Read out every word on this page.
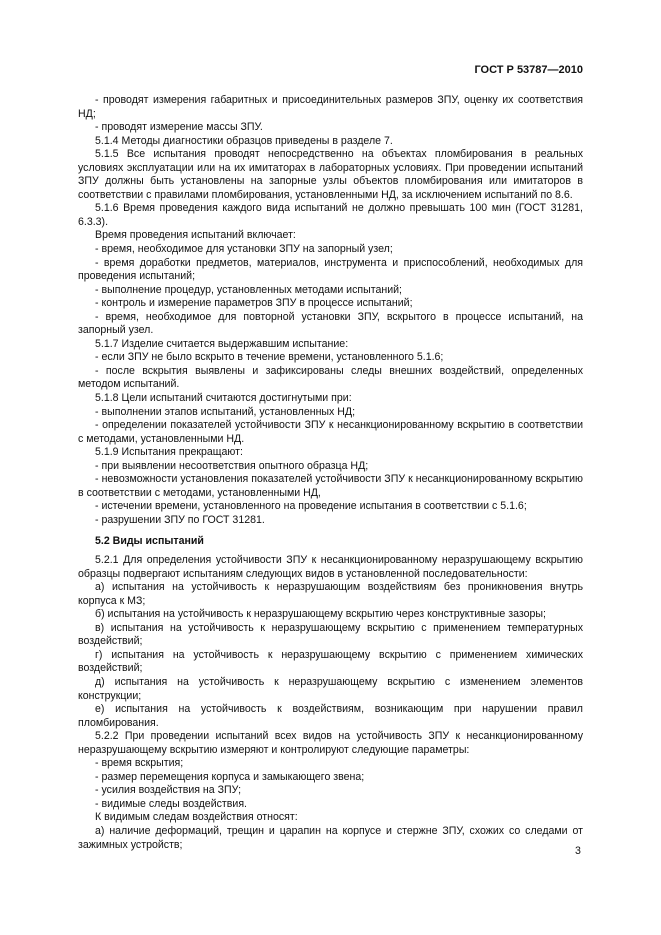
ГОСТ Р 53787—2010

- проводят измерения габаритных и присоединительных размеров ЗПУ, оценку их соответствия НД;

- проводят измерение массы ЗПУ.

5.1.4 Методы диагностики образцов приведены в разделе 7.

5.1.5 Все испытания проводят непосредственно на объектах пломбирования в реальных условиях эксплуатации или на их имитаторах в лабораторных условиях. При проведении испытаний ЗПУ должны быть установлены на запорные узлы объектов пломбирования или имитаторов в соответствии с правилами пломбирования, установленными НД, за исключением испытаний по 8.6.

5.1.6 Время проведения каждого вида испытаний не должно превышать 100 мин (ГОСТ 31281, 6.3.3).

Время проведения испытаний включает:

- время, необходимое для установки ЗПУ на запорный узел;

- время доработки предметов, материалов, инструмента и приспособлений, необходимых для проведения испытаний;

- выполнение процедур, установленных методами испытаний;

- контроль и измерение параметров ЗПУ в процессе испытаний;

- время, необходимое для повторной установки ЗПУ, вскрытого в процессе испытаний, на запорный узел.

5.1.7 Изделие считается выдержавшим испытание:

- если ЗПУ не было вскрыто в течение времени, установленного 5.1.6;

- после вскрытия выявлены и зафиксированы следы внешних воздействий, определенных методом испытаний.

5.1.8 Цели испытаний считаются достигнутыми при:

- выполнении этапов испытаний, установленных НД;

- определении показателей устойчивости ЗПУ к несанкционированному вскрытию в соответствии с методами, установленными НД.

5.1.9 Испытания прекращают:

- при выявлении несоответствия опытного образца НД;

- невозможности установления показателей устойчивости ЗПУ к несанкционированному вскрытию в соответствии с методами, установленными НД,

- истечении времени, установленного на проведение испытания в соответствии с 5.1.6;

- разрушении ЗПУ по ГОСТ 31281.

5.2 Виды испытаний

5.2.1 Для определения устойчивости ЗПУ к несанкционированному неразрушающему вскрытию образцы подвергают испытаниям следующих видов в установленной последовательности:

а) испытания на устойчивость к неразрушающим воздействиям без проникновения внутрь корпуса к МЗ;

б) испытания на устойчивость к неразрушающему вскрытию через конструктивные зазоры;

в) испытания на устойчивость к неразрушающему вскрытию с применением температурных воздействий;

г) испытания на устойчивость к неразрушающему вскрытию с применением химических воздействий;

д) испытания на устойчивость к неразрушающему вскрытию с изменением элементов конструкции;

е) испытания на устойчивость к воздействиям, возникающим при нарушении правил пломбирования.

5.2.2 При проведении испытаний всех видов на устойчивость ЗПУ к несанкционированному неразрушающему вскрытию измеряют и контролируют следующие параметры:

- время вскрытия;

- размер перемещения корпуса и замыкающего звена;

- усилия воздействия на ЗПУ;

- видимые следы воздействия.

К видимым следам воздействия относят:

а) наличие деформаций, трещин и царапин на корпусе и стержне ЗПУ, схожих со следами от зажимных устройств;

3
